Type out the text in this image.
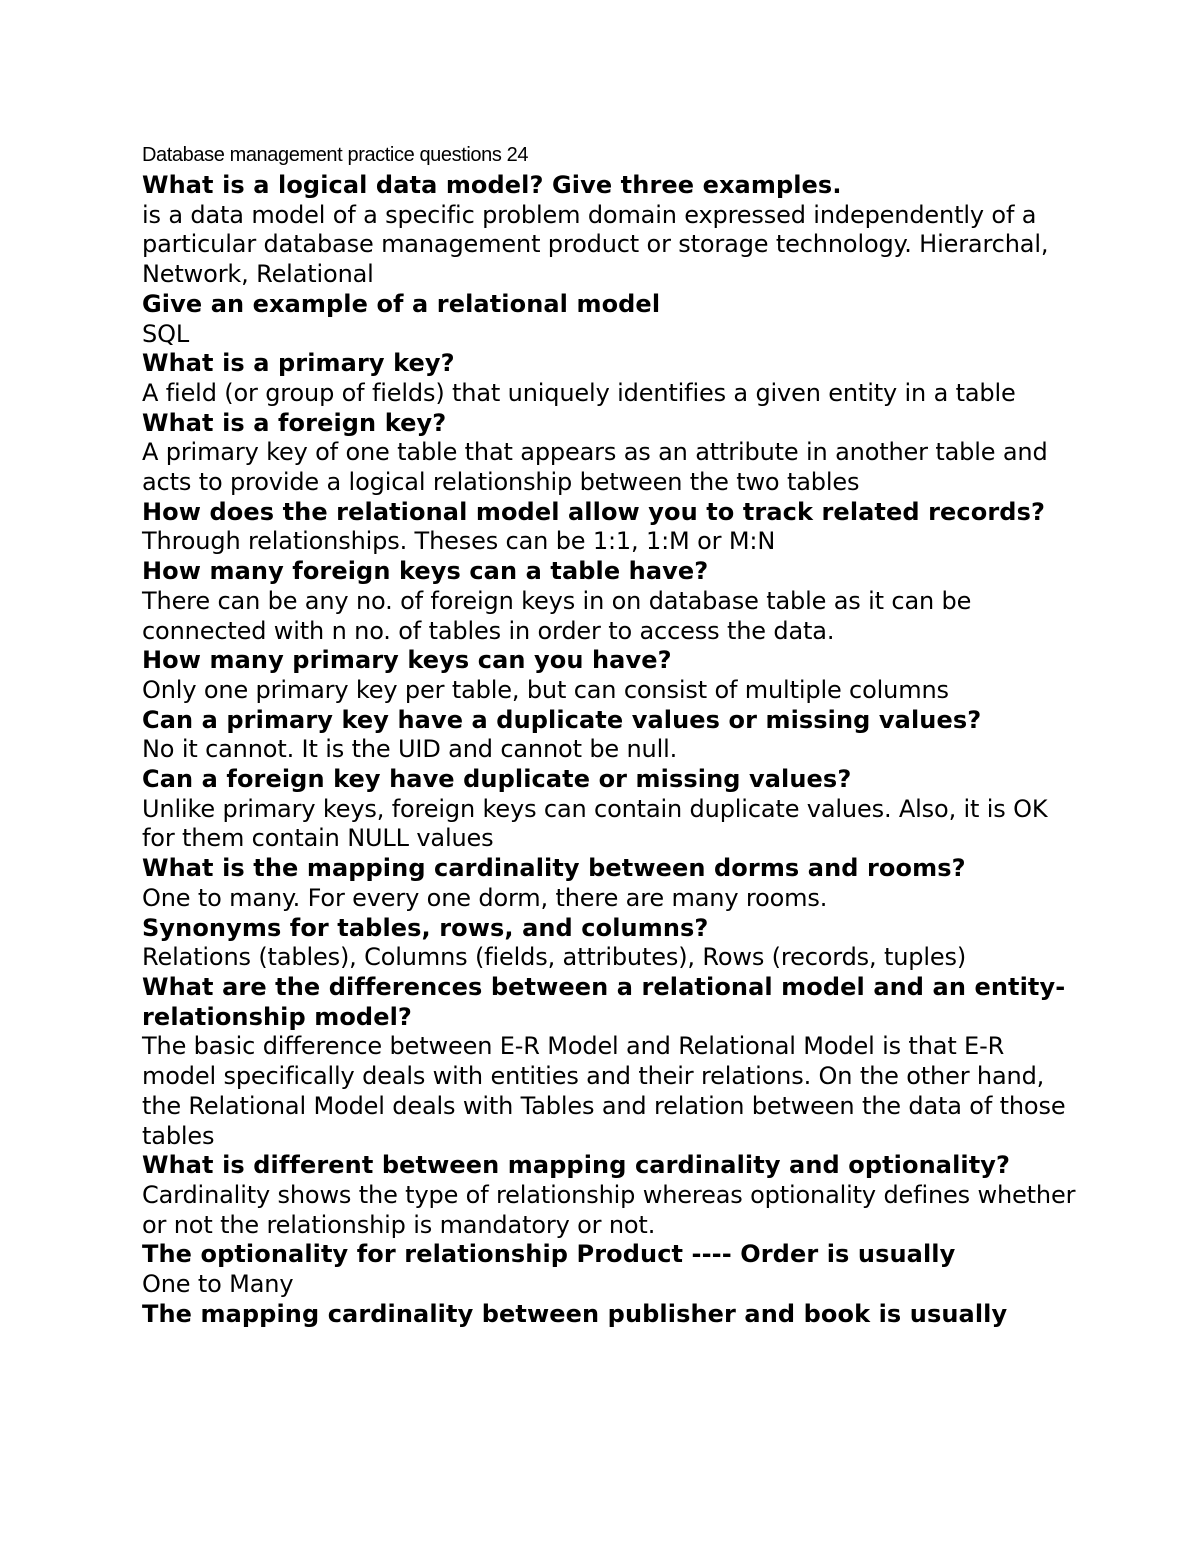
Database management practice questions 24

What is a logical data model? Give three examples.

is a data model of a specific problem domain expressed independently of a particular database management product or storage technology. Hierarchal, Network, Relational

Give an example of a relational model

SQL

What is a primary key?

A field (or group of fields) that uniquely identifies a given entity in a table

What is a foreign key?

A primary key of one table that appears as an attribute in another table and acts to provide a logical relationship between the two tables

How does the relational model allow you to track related records?

Through relationships. Theses can be 1:1, 1:M or M:N

How many foreign keys can a table have?

There can be any no. of foreign keys in on database table as it can be connected with n no. of tables in order to access the data.

How many primary keys can you have?

Only one primary key per table, but can consist of multiple columns

Can a primary key have a duplicate values or missing values?

No it cannot. It is the UID and cannot be null.

Can a foreign key have duplicate or missing values?

Unlike primary keys, foreign keys can contain duplicate values. Also, it is OK for them contain NULL values

What is the mapping cardinality between dorms and rooms?

One to many. For every one dorm, there are many rooms.

Synonyms for tables, rows, and columns?

Relations (tables), Columns (fields, attributes), Rows (records, tuples)

What are the differences between a relational model and an entity-relationship model?

The basic difference between E-R Model and Relational Model is that E-R model specifically deals with entities and their relations. On the other hand, the Relational Model deals with Tables and relation between the data of those tables

What is different between mapping cardinality and optionality?

Cardinality shows the type of relationship whereas optionality defines whether or not the relationship is mandatory or not.

The optionality for relationship Product ---- Order is usually

One to Many

The mapping cardinality between publisher and book is usually
